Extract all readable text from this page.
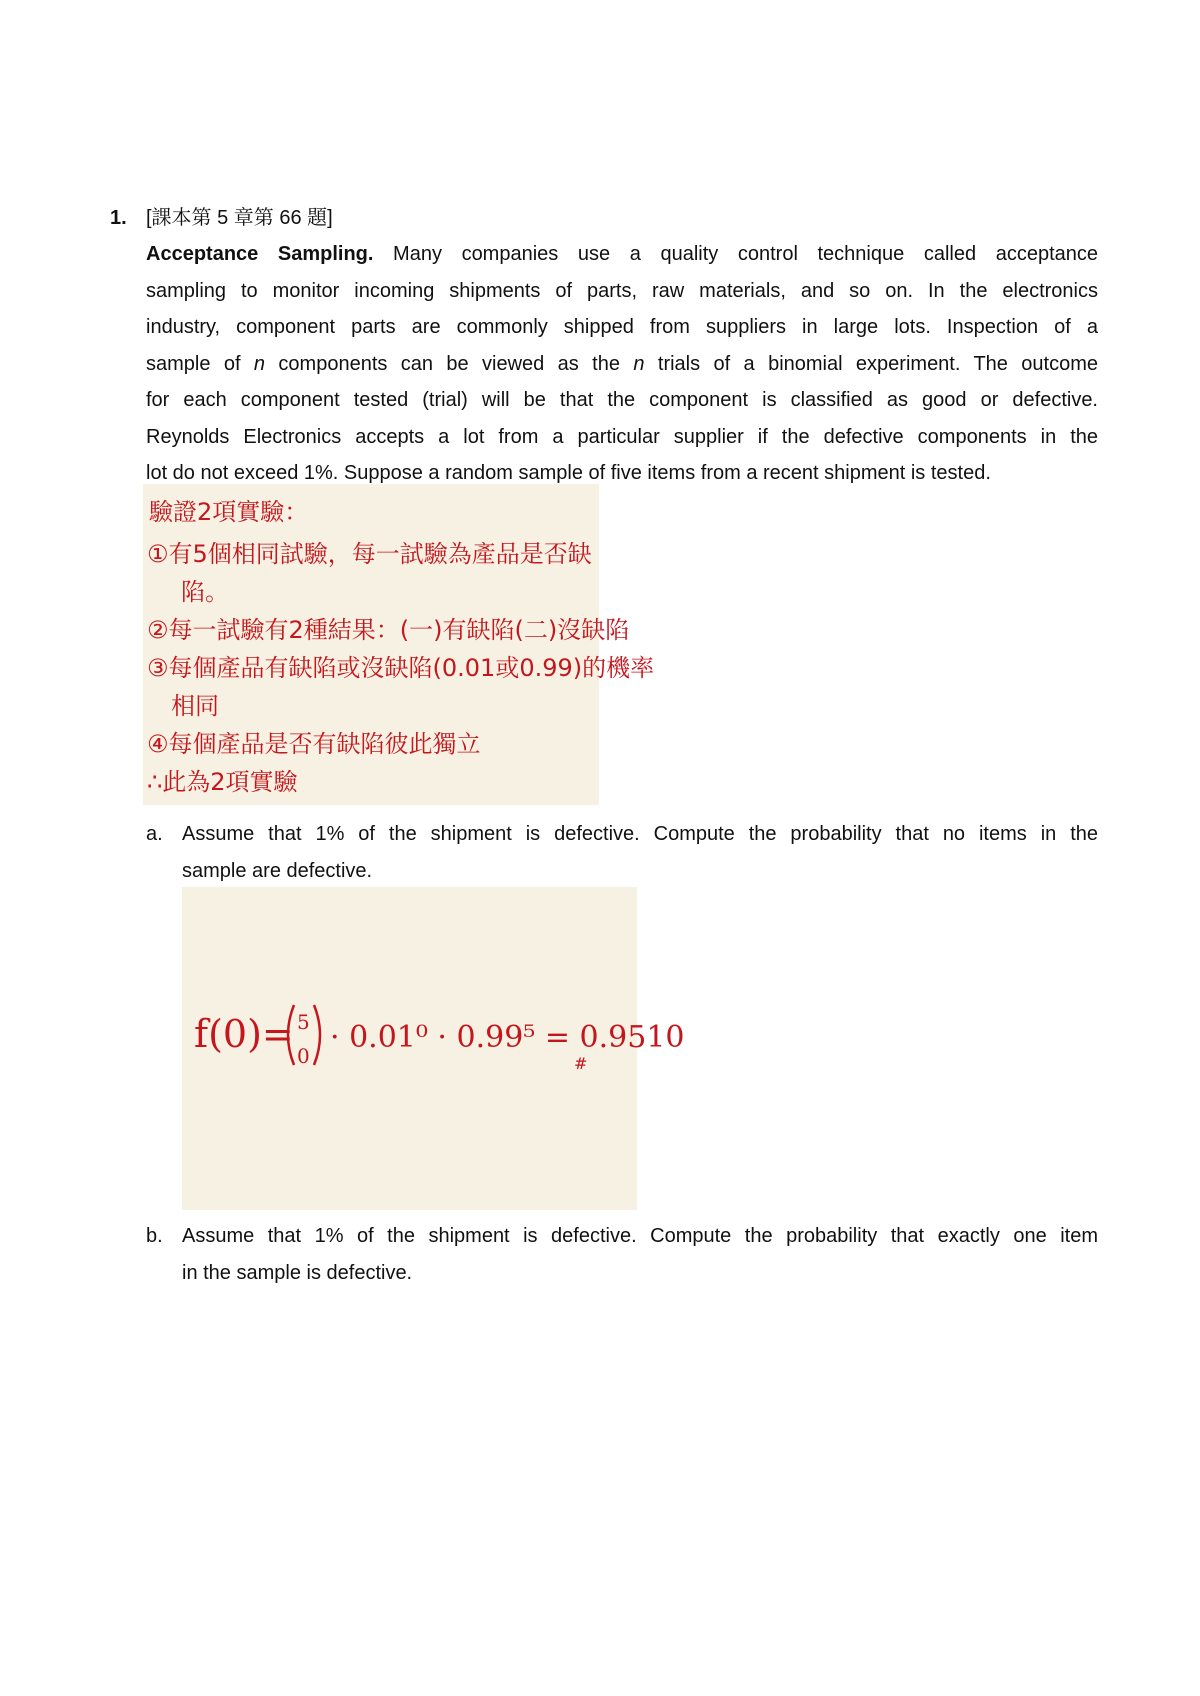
1. [課本第 5 章第 66 題]
Acceptance Sampling. Many companies use a quality control technique called acceptance
sampling to monitor incoming shipments of parts, raw materials, and so on. In the electronics
industry, component parts are commonly shipped from suppliers in large lots. Inspection of a
sample of n components can be viewed as the n trials of a binomial experiment. The outcome
for each component tested (trial) will be that the component is classified as good or defective.
Reynolds Electronics accepts a lot from a particular supplier if the defective components in the
lot do not exceed 1%. Suppose a random sample of five items from a recent shipment is tested.
驗證2項實驗：
①有5個相同試驗，每一試驗為產品是否缺
陷。
②每一試驗有2種結果：(一)有缺陷(二)沒缺陷
③每個產品有缺陷或沒缺陷(0.01或0.99)的機率
相同
④每個產品是否有缺陷彼此獨立
∴此為2項實驗
a. Assume that 1% of the shipment is defective. Compute the probability that no items in the
sample are defective.
f(0)= 5
0
· 0.01⁰ · 0.99⁵ = 0.9510
#
b. Assume that 1% of the shipment is defective. Compute the probability that exactly one item
in the sample is defective.
